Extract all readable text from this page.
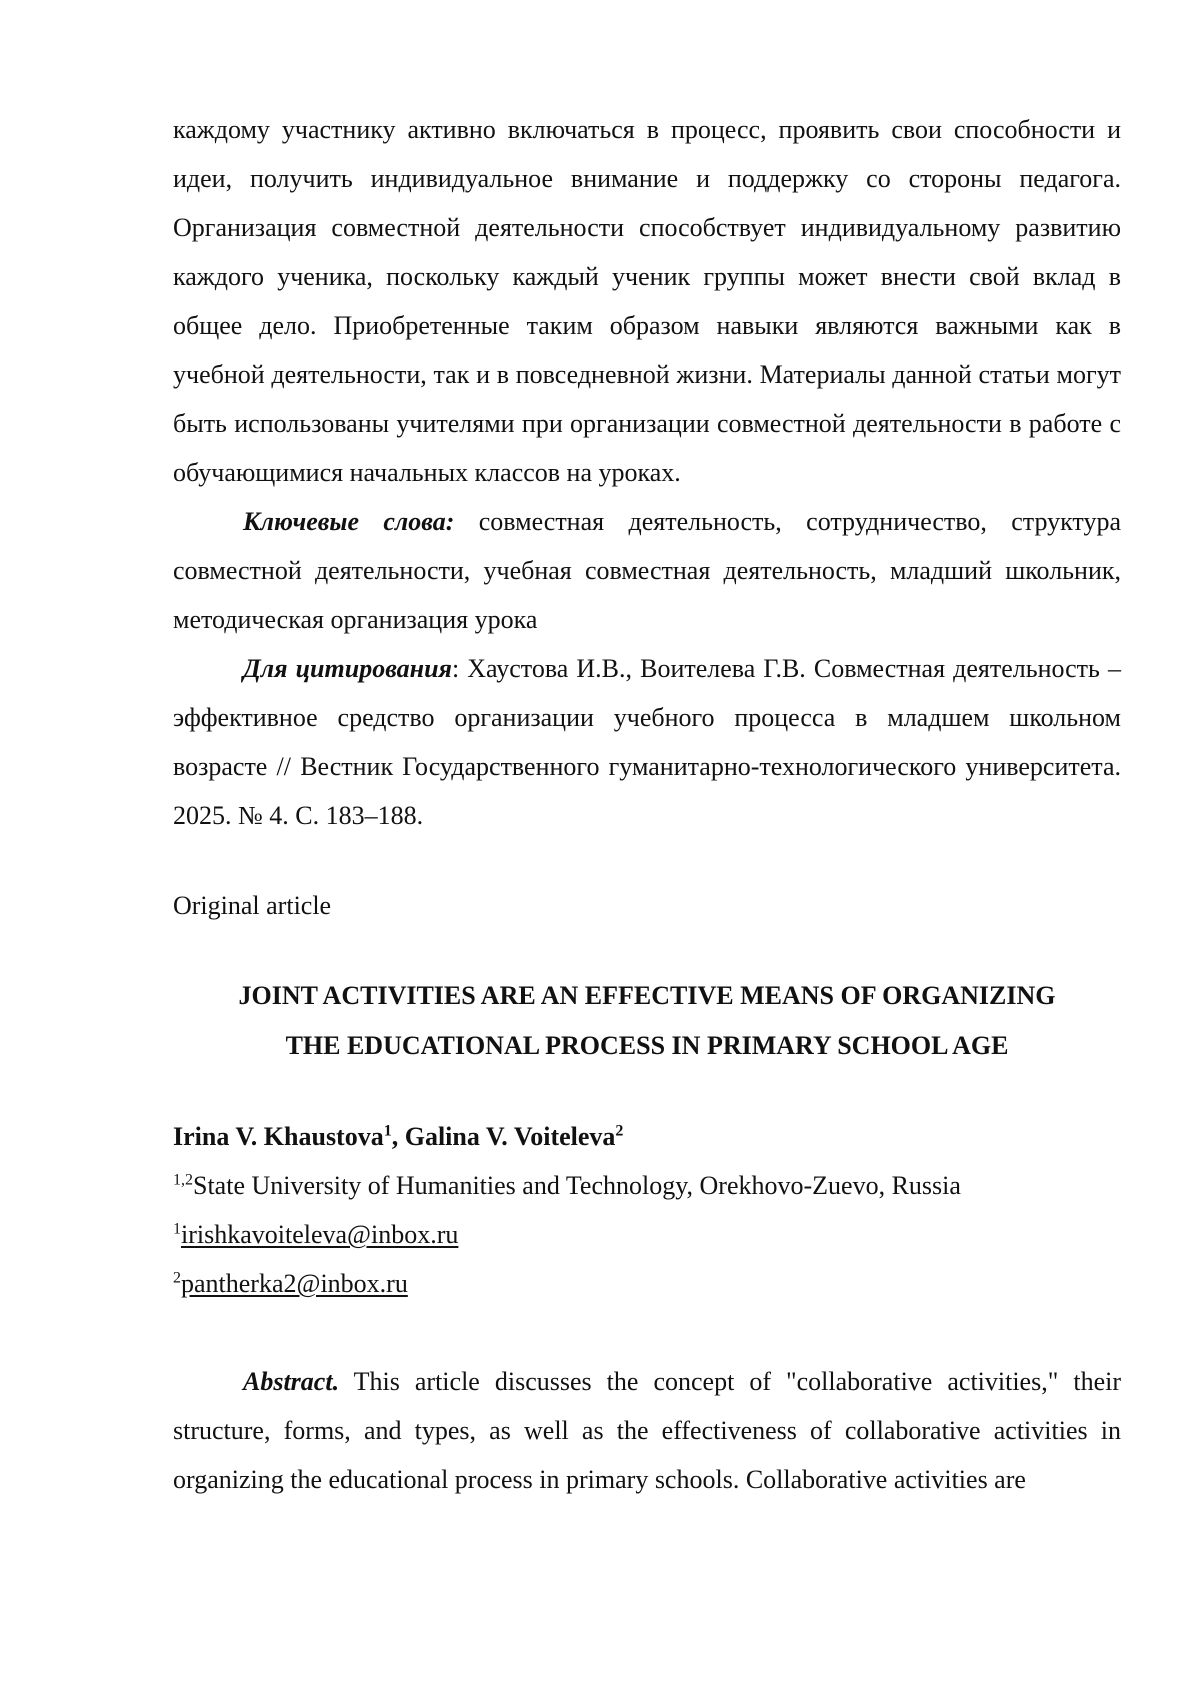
каждому участнику активно включаться в процесс, проявить свои способности и идеи, получить индивидуальное внимание и поддержку со стороны педагога. Организация совместной деятельности способствует индивидуальному развитию каждого ученика, поскольку каждый ученик группы может внести свой вклад в общее дело. Приобретенные таким образом навыки являются важными как в учебной деятельности, так и в повседневной жизни. Материалы данной статьи могут быть использованы учителями при организации совместной деятельности в работе с обучающимися начальных классов на уроках.

Ключевые слова: совместная деятельность, сотрудничество, структура совместной деятельности, учебная совместная деятельность, младший школьник, методическая организация урока

Для цитирования: Хаустова И.В., Воителева Г.В. Совместная деятельность – эффективное средство организации учебного процесса в младшем школьном возрасте // Вестник Государственного гуманитарно-технологического университета. 2025. № 4. С. 183–188.

Original article

JOINT ACTIVITIES ARE AN EFFECTIVE MEANS OF ORGANIZING

THE EDUCATIONAL PROCESS IN PRIMARY SCHOOL AGE

Irina V. Khaustova$^1$, Galina V. Voiteleva$^2$

$^{1,2}$State University of Humanities and Technology, Orekhovo-Zuevo, Russia

$^1$irishkavoiteleva@inbox.ru

$^2$pantherka2@inbox.ru

Abstract. This article discusses the concept of "collaborative activities," their structure, forms, and types, as well as the effectiveness of collaborative activities in organizing the educational process in primary schools. Collaborative activities are
